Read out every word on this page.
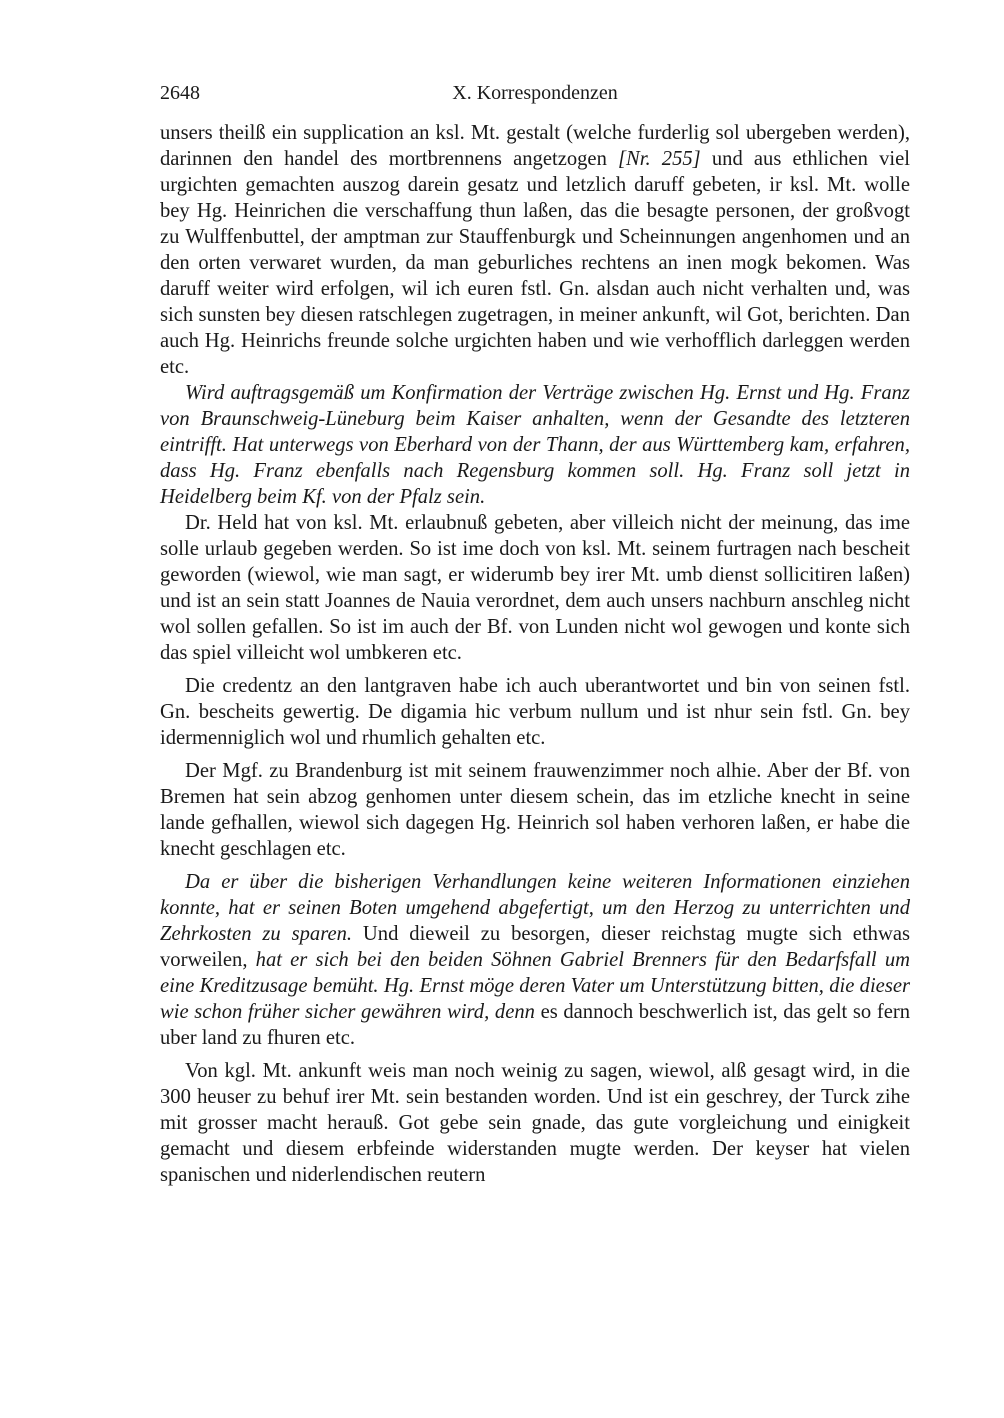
2648	X. Korrespondenzen

unsers theilß ein supplication an ksl. Mt. gestalt (welche furderlig sol ubergeben werden), darinnen den handel des mortbrennens angetzogen [Nr. 255] und aus ethlichen viel urgichten gemachten auszog darein gesatz und letzlich daruff gebeten, ir ksl. Mt. wolle bey Hg. Heinrichen die verschaffung thun laßen, das die besagte personen, der großvogt zu Wulffenbuttel, der amptman zur Stauffenburgk und Scheinnungen angenhomen und an den orten verwaret wurden, da man geburliches rechtens an inen mogk bekomen. Was daruff weiter wird erfolgen, wil ich euren fstl. Gn. alsdan auch nicht verhalten und, was sich sunsten bey diesen ratschlegen zugetragen, in meiner ankunft, wil Got, berichten. Dan auch Hg. Heinrichs freunde solche urgichten haben und wie verhofflich darleggen werden etc.

Wird auftragsgemäß um Konfirmation der Verträge zwischen Hg. Ernst und Hg. Franz von Braunschweig-Lüneburg beim Kaiser anhalten, wenn der Gesandte des letzteren eintrifft. Hat unterwegs von Eberhard von der Thann, der aus Württemberg kam, erfahren, dass Hg. Franz ebenfalls nach Regensburg kommen soll. Hg. Franz soll jetzt in Heidelberg beim Kf. von der Pfalz sein.

Dr. Held hat von ksl. Mt. erlaubnuß gebeten, aber villeich nicht der meinung, das ime solle urlaub gegeben werden. So ist ime doch von ksl. Mt. seinem furtragen nach bescheit geworden (wiewol, wie man sagt, er widerumb bey irer Mt. umb dienst sollicitiren laßen) und ist an sein statt Joannes de Nauia verordnet, dem auch unsers nachburn anschleg nicht wol sollen gefallen. So ist im auch der Bf. von Lunden nicht wol gewogen und konte sich das spiel villeicht wol umbkeren etc.

Die credentz an den lantgraven habe ich auch uberantwortet und bin von seinen fstl. Gn. bescheits gewertig. De digamia hic verbum nullum und ist nhur sein fstl. Gn. bey idermenniglich wol und rhumlich gehalten etc.

Der Mgf. zu Brandenburg ist mit seinem frauwenzimmer noch alhie. Aber der Bf. von Bremen hat sein abzog genhomen unter diesem schein, das im etzliche knecht in seine lande gefhallen, wiewol sich dagegen Hg. Heinrich sol haben verhoren laßen, er habe die knecht geschlagen etc.

Da er über die bisherigen Verhandlungen keine weiteren Informationen einziehen konnte, hat er seinen Boten umgehend abgefertigt, um den Herzog zu unterrichten und Zehrkosten zu sparen. Und dieweil zu besorgen, dieser reichstag mugte sich ethwas vorweilen, hat er sich bei den beiden Söhnen Gabriel Brenners für den Bedarfsfall um eine Kreditzusage bemüht. Hg. Ernst möge deren Vater um Unterstützung bitten, die dieser wie schon früher sicher gewähren wird, denn es dannoch beschwerlich ist, das gelt so fern uber land zu fhuren etc.

Von kgl. Mt. ankunft weis man noch weinig zu sagen, wiewol, alß gesagt wird, in die 300 heuser zu behuf irer Mt. sein bestanden worden. Und ist ein geschrey, der Turck zihe mit grosser macht herauß. Got gebe sein gnade, das gute vorgleichung und einigkeit gemacht und diesem erbfeinde widerstanden mugte werden. Der keyser hat vielen spanischen und niderlendischen reutern
